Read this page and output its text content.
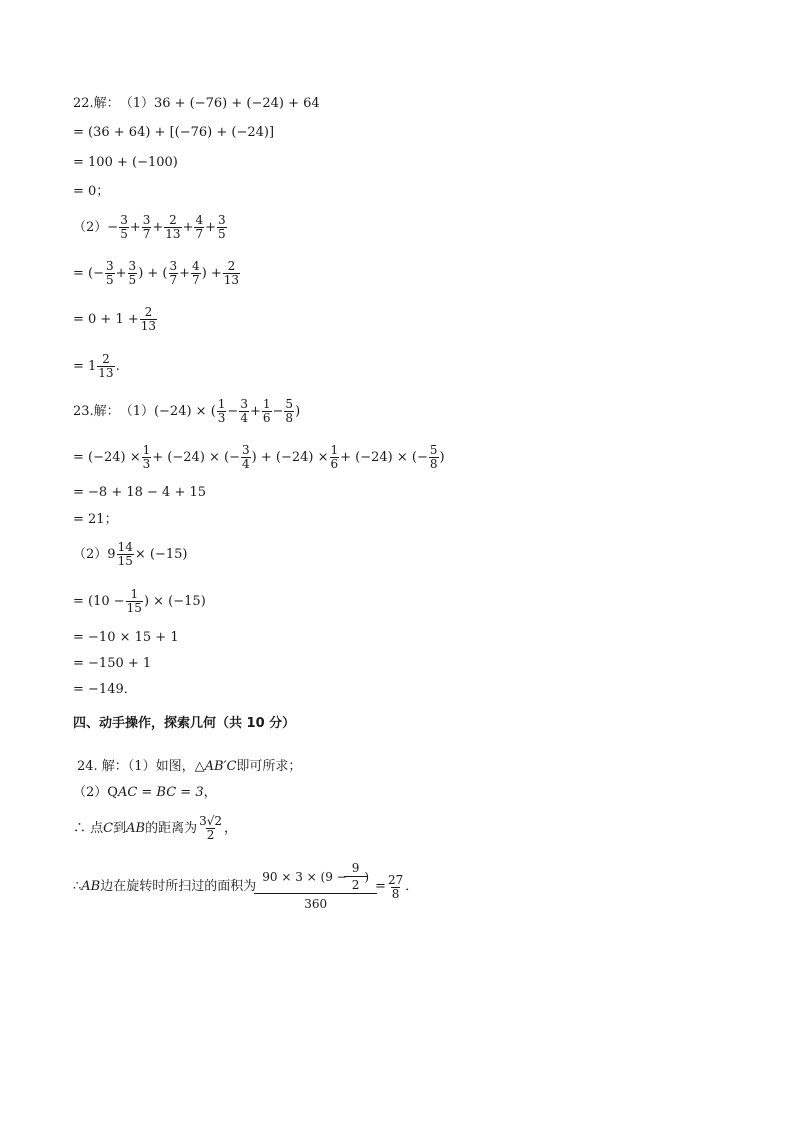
22.解： （1） 36 + (−76) + (−24) + 64
= (36 + 64) + [(−76) + (−24)]
= 100 + (−100)
= 0；
$(2) - \frac{3}{5} + \frac{3}{7} + \frac{2}{13} + \frac{4}{7} + \frac{3}{5}$
= (− $\frac{3}{5} + \frac{3}{5}$ ) + ( $\frac{3}{7} + \frac{4}{7}$ ) + $\frac{2}{13}$
= $0 + 1 + \frac{2}{13}$
= $1 \frac{2}{13}$ .
23.解： （1） (−24) × ( $\frac{1}{3} - \frac{3}{4} + \frac{1}{6} - \frac{5}{8}$ )
= $(-24) \times \frac{1}{3} + (-24)$ × (− $\frac{3}{4}$ ) + $(-24) \times \frac{1}{6} + (-24)$ × (− $\frac{5}{8}$ )
= −8 + 18 − 4 + 15
= 21；
（2） $9 \frac{14}{15} \times (-15)$
= ($10 - \frac{1}{15}$ ) × (−15)
= −10 × 15 + 1
= −150 + 1
= −149．
四、动手操作，探索几何（共 10 分）
24. 解：（1）如图，△ AB′C 即可所求；
（2）Q AC = BC = 3 ，
∴ 点 C 到 AB 的距离为 $\frac{3√2}{2}$ ，
∴ AB 边在旋转时所扫过的面积为 $\frac{90 \times 3 \times (9 - \frac{9}{2} )}{360} = \frac{27}{8}$ ．
